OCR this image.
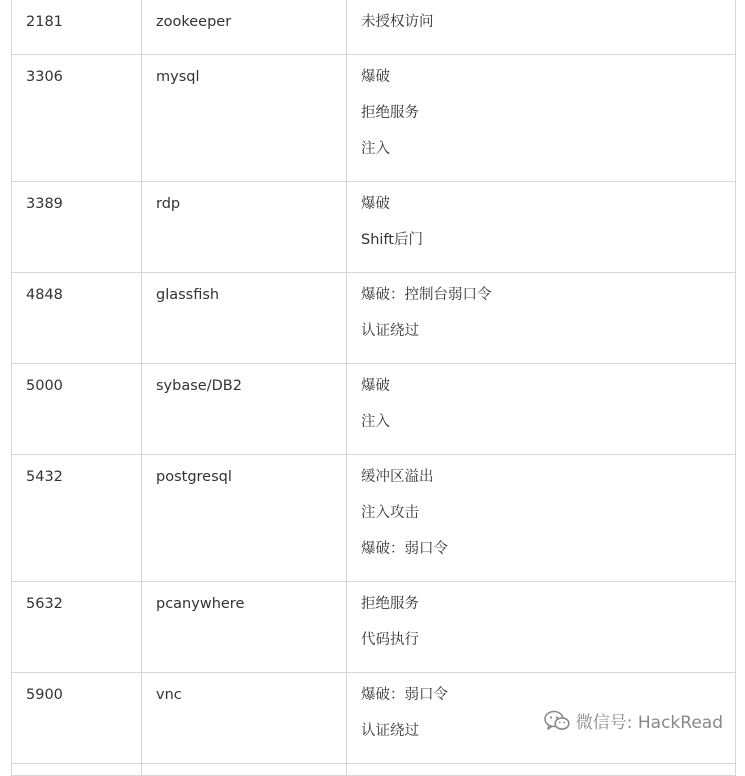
2181	zookeeper	未授权访问

3306	mysql	爆破
拒绝服务
注入

3389	rdp	爆破
Shift后门

4848	glassfish	爆破：控制台弱口令
认证绕过

5000	sybase/DB2	爆破
注入

5432	postgresql	缓冲区溢出
注入攻击
爆破：弱口令

5632	pcanywhere	拒绝服务
代码执行

5900	vnc	爆破：弱口令
认证绕过

			微信号: HackRead
